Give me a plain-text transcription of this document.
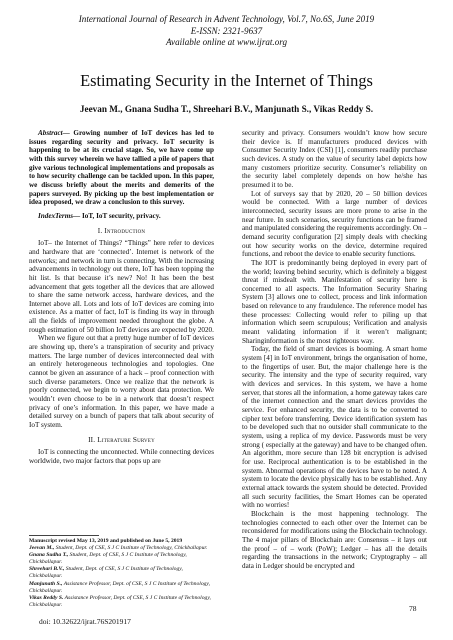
International Journal of Research in Advent Technology, Vol.7, No.6S, June 2019
E-ISSN: 2321-9637
Available online at www.ijrat.org
Estimating Security in the Internet of Things
Jeevan M., Gnana Sudha T., Shreehari B.V., Manjunath S., Vikas Reddy S.

Abstract— Growing number of IoT devices has led to issues regarding security and privacy. IoT security is happening to be at its crucial stage. So, we have come up with this survey wherein we have tallied a pile of papers that give various technological implementations and proposals as to how security challenge can be tackled upon. In this paper, we discuss briefly about the merits and demerits of the papers surveyed. By picking up the best implementation or idea proposed, we draw a conclusion to this survey.

IndexTerms— IoT, IoT security, privacy.

I. Introduction

IoT– the Internet of Things? “Things” here refer to devices and hardware that are ‘connected’. Internet is network of the networks; and network in turn is connecting. With the increasing advancements in technology out there, IoT has been topping the hit list. Is that because it’s new? No! It has been the best advancement that gets together all the devices that are allowed to share the same network access, hardware devices, and the Internet above all. Lots and lots of IoT devices are coming into existence. As a matter of fact, IoT is finding its way in through all the fields of improvement needed throughout the globe. A rough estimation of 50 billion IoT devices are expected by 2020.

When we figure out that a pretty huge number of IoT devices are showing up, there’s a transpiration of security and privacy matters. The large number of devices interconnected deal with an entirely heterogeneous technologies and topologies. One cannot be given an assurance of a hack – proof connection with such diverse parameters. Once we realize that the network is poorly connected, we begin to worry about data protection. We wouldn’t even choose to be in a network that doesn’t respect privacy of one’s information. In this paper, we have made a detailed survey on a bunch of papers that talk about security of IoT system.

II. Literature Survey

IoT is connecting the unconnected. While connecting devices worldwide, two major factors that pops up are

Manuscript revised May 13, 2019 and published on June 5, 2019

Jeevan M., Student, Dept. of CSE, S J C Institute of Technology, Chickballapur.

Gnana Sudha T., Student, Dept. of CSE, S J C Institute of Technology, Chickballapur.

Shreehari B.V., Student, Dept. of CSE, S J C Institute of Technology, Chickballapur.

Manjunath S., Assistance Professor, Dept. of CSE, S J C Institute of Technology, Chickballapur.

Vikas Reddy S. Assistance Professor, Dept. of CSE, S J C Institute of Technology, Chickballapur.

security and privacy. Consumers wouldn’t know how secure their device is. If manufacturers produced devices with Consumer Security Index (CSI) [1], consumers readily purchase such devices. A study on the value of security label depicts how many customers prioritize security. Consumer’s reliability on the security label completely depends on how he/she has presumed it to be.

Lot of surveys say that by 2020, 20 – 50 billion devices would be connected. With a large number of devices interconnected, security issues are more prone to arise in the near future. In such scenarios, security functions can be framed and manipulated considering the requirements accordingly. On – demand security configuration [2] simply deals with checking out how security works on the device, determine required functions, and reboot the device to enable security functions.

The IOT is predominantly being deployed in every part of the world; leaving behind security, which is definitely a biggest threat if misdealt with. Manifestation of security here is concerned to all aspects. The Information Security Sharing System [3] allows one to collect, process and link information based on relevance to any fraudulence. The reference model has these processes: Collecting would refer to piling up that information which seem scrupulous; Verification and analysis meant validating information if it weren’t malignant; Sharinginformation is the most righteous way.

Today, the field of smart devices is booming. A smart home system [4] in IoT environment, brings the organisation of home, to the fingertips of user. But, the major challenge here is the security. The intensity and the type of security required, vary with devices and services. In this system, we have a home server, that stores all the information, a home gateway takes care of the internet connection and the smart devices provides the service. For enhanced security, the data is to be converted to cipher text before transferring. Device identification system has to be developed such that no outsider shall communicate to the system, using a replica of my device. Passwords must be very strong ( especially at the gateway) and have to be changed often. An algorithm, more secure than 128 bit encryption is advised for use. Reciprocal authentication is to be established in the system. Abnormal operations of the devices have to be noted. A system to locate the device physically has to be established. Any external attack towards the system should be detected. Provided all such security facilities, the Smart Homes can be operated with no worries!

Blockchain is the most happening technology. The technologies connected to each other over the Internet can be reconsidered for modifications using the Blockchain technology. The 4 major pillars of Blockchain are: Consensus – it lays out the proof – of – work (PoW); Ledger – has all the details regarding the transactions in the network; Cryptography – all data in Ledger should be encrypted and

78
doi: 10.32622/ijrat.76S201917
